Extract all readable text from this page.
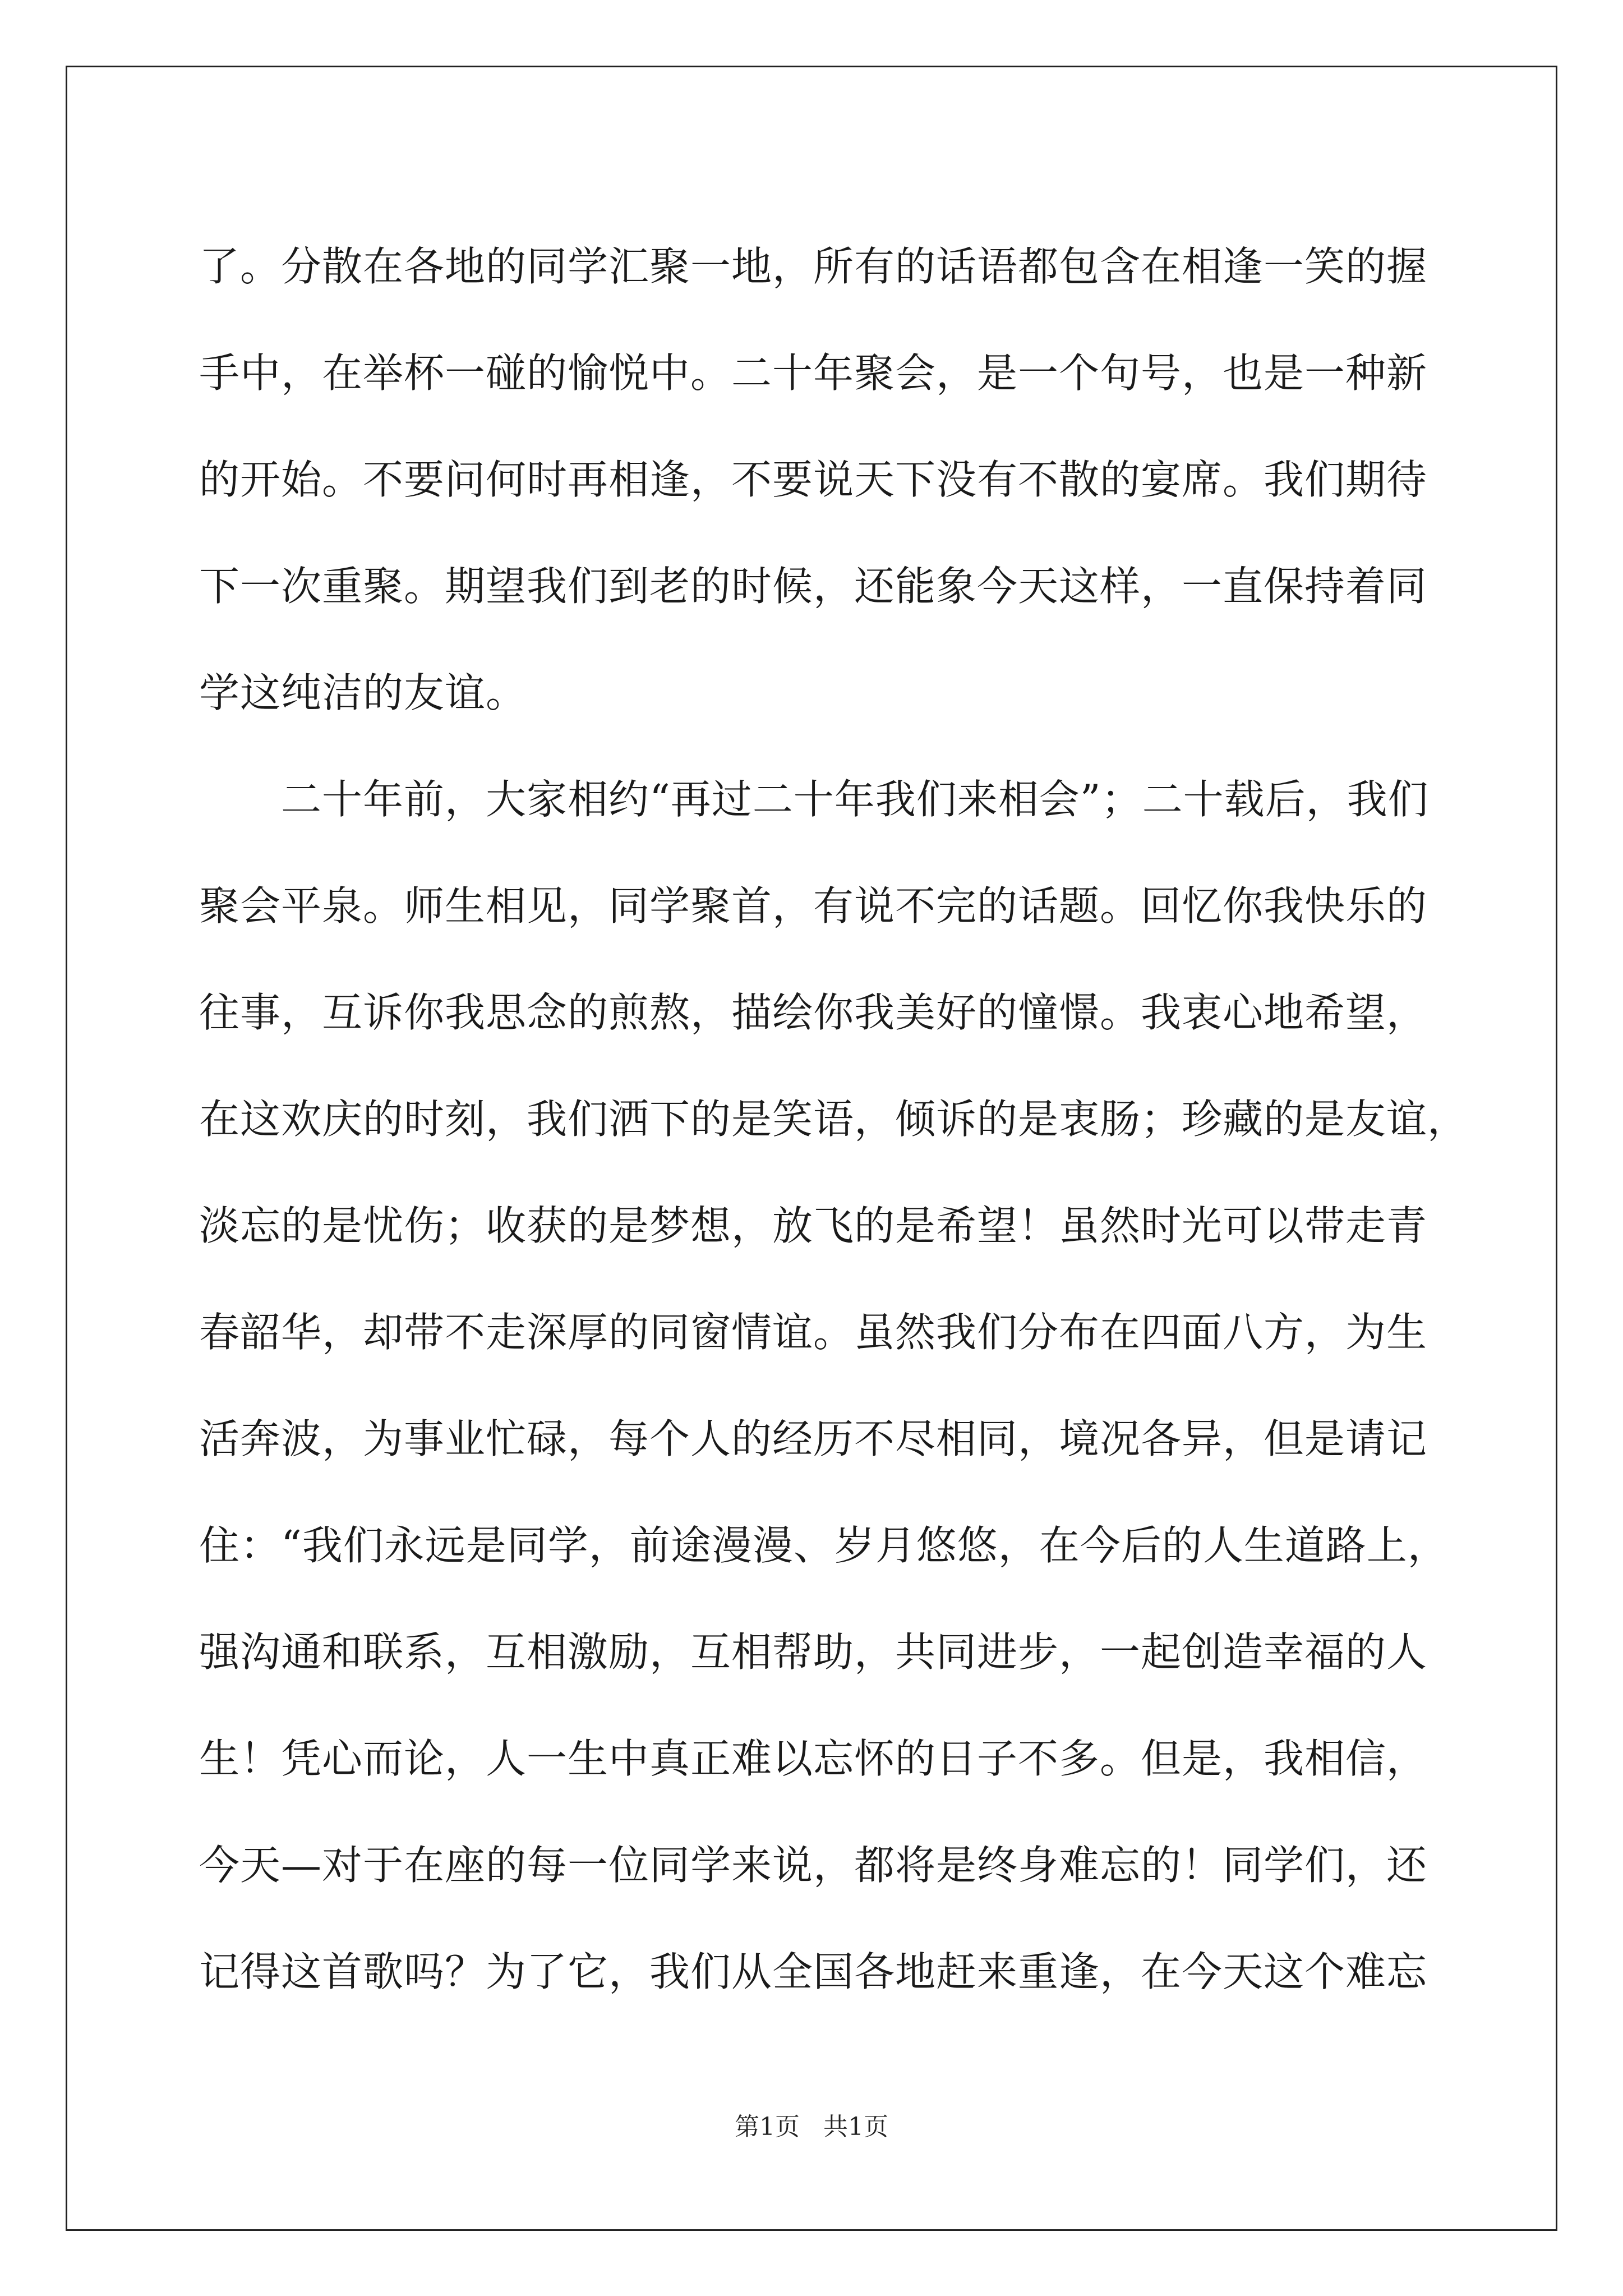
了。分散在各地的同学汇聚一地，所有的话语都包含在相逢一笑的握

手中，在举杯一碰的愉悦中。二十年聚会，是一个句号，也是一种新

的开始。不要问何时再相逢，不要说天下没有不散的宴席。我们期待

下一次重聚。期望我们到老的时候，还能象今天这样，一直保持着同

学这纯洁的友谊。

　　二十年前，大家相约“再过二十年我们来相会”；二十载后，我们

聚会平泉。师生相见，同学聚首，有说不完的话题。回忆你我快乐的

往事，互诉你我思念的煎熬，描绘你我美好的憧憬。我衷心地希望，

在这欢庆的时刻，我们洒下的是笑语，倾诉的是衷肠；珍藏的是友谊，

淡忘的是忧伤；收获的是梦想，放飞的是希望！虽然时光可以带走青

春韶华，却带不走深厚的同窗情谊。虽然我们分布在四面八方，为生

活奔波，为事业忙碌，每个人的经历不尽相同，境况各异，但是请记

住：“我们永远是同学，前途漫漫、岁月悠悠，在今后的人生道路上，

强沟通和联系，互相激励，互相帮助，共同进步，一起创造幸福的人

生！凭心而论，人一生中真正难以忘怀的日子不多。但是，我相信，

今天—对于在座的每一位同学来说，都将是终身难忘的！同学们，还

记得这首歌吗？为了它，我们从全国各地赶来重逢，在今天这个难忘

第1页   共1页
